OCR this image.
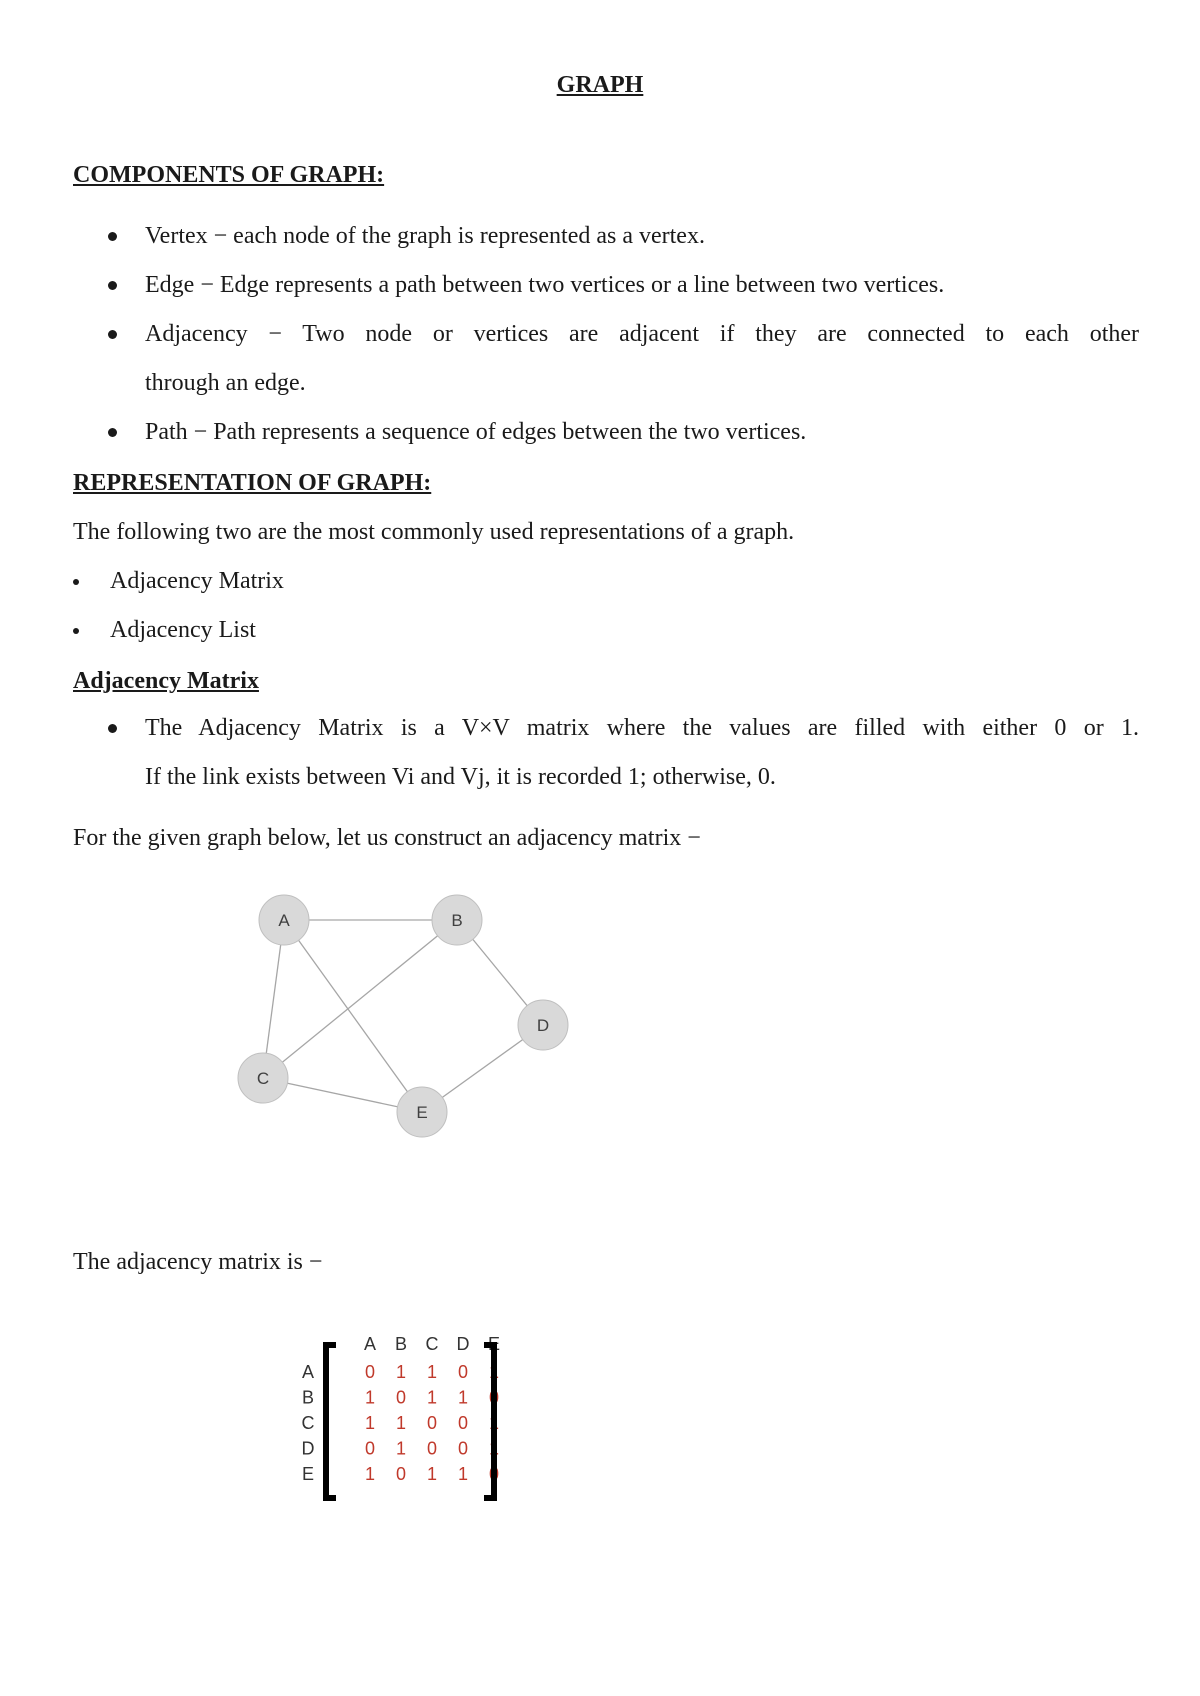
GRAPH
COMPONENTS OF GRAPH:
Vertex − each node of the graph is represented as a vertex.
Edge − Edge represents a path between two vertices or a line between two vertices.
Adjacency − Two node or vertices are adjacent if they are connected to each other
through an edge.
Path − Path represents a sequence of edges between the two vertices.
REPRESENTATION OF GRAPH:
The following two are the most commonly used representations of a graph.
Adjacency Matrix
Adjacency List
Adjacency Matrix
The Adjacency Matrix is a V×V matrix where the values are filled with either 0 or 1.
If the link exists between Vi and Vj, it is recorded 1; otherwise, 0.
For the given graph below, let us construct an adjacency matrix −
A	B
C
D
E
The adjacency matrix is −
A B C D E
A
B
C
D
E
0 1 1 0 1
1 0 1 1 0
1 1 0 0 1
0 1 0 0 1
1 0 1 1 0
